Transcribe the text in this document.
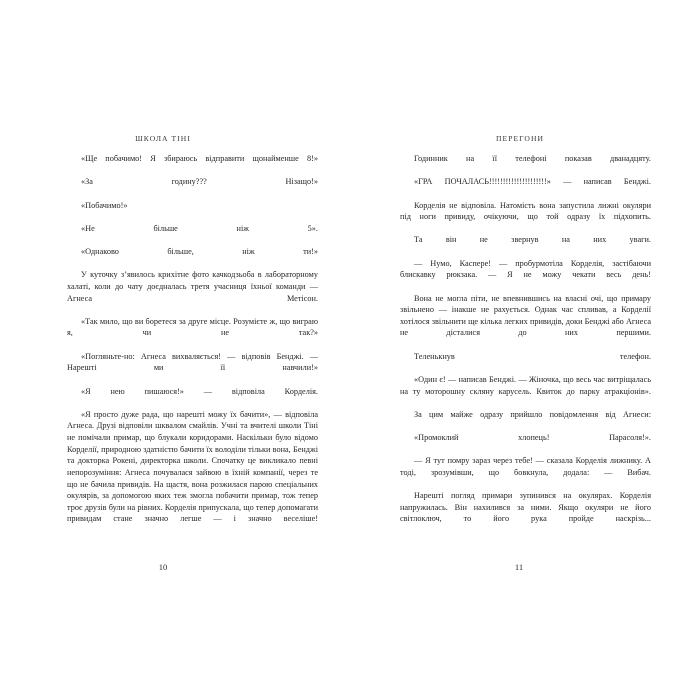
ШКОЛА ТІНІ

«Ще побачимо! Я збираюсь відправити щонайменше 8!»

«За годину??? Нізащо!»

«Побачимо!»

«Не більше ніж 5».

«Однаково більше, ніж ти!»

У куточку з’явилось крихітне фото качкодзьоба в лабораторному халаті, коли до чату доєдналась третя учасниця їхньої команди — Агнеса Метісон.

«Так мило, що ви боретеся за друге місце. Розумієте ж, що виграю я, чи не так?»

«Погляньте-но: Агнеса вихваляється! — відповів Бенджі. — Нарешті ми її навчили!»

«Я нею пишаюся!» — відповіла Корделія.

«Я просто дуже рада, що нарешті можу їх бачити», — відповіла Агнеса. Друзі відповіли шквалом смайлів. Учні та вчителі школи Тіні не помічали примар, що блукали коридорами. Наскільки було відомо Корделії, природною здатністю бачити їх володіли тільки вона, Бенджі та докторка Рокені, директорка школи. Спочатку це викликало певні непорозуміння: Агнеса почувалася зайвою в їхній компанії, через те що не бачила привидів. На щастя, вона розжилася парою спеціальних окулярів, за допомогою яких теж змогла побачити примар, тож тепер троє друзів були на рівних. Корделія припускала, що тепер допомагати привидам стане значно легше — і значно веселіше!

10
ПЕРЕГОНИ

Годинник на її телефоні показав дванадцяту.

«ГРА ПОЧАЛАСЬ!!!!!!!!!!!!!!!!!!!!!» — написав Бенджі.

Корделія не відповіла. Натомість вона запустила лижні окуляри під ноги привиду, очікуючи, що той одразу їх підхопить.

Та він не звернув на них уваги.

— Нумо, Каспере! — пробурмотіла Корделія, застібаючи блискавку рюкзака. — Я не можу чекати весь день!

Вона не могла піти, не впевнившись на власні очі, що примару звільнено — інакше не рахується. Однак час спливав, а Корделії хотілося звільнити ще кілька легких привидів, доки Бенджі або Агнеса не дісталися до них першими.

Теленькнув телефон.

«Один є! — написав Бенджі. — Жіночка, що весь час витріщалась на ту моторошну скляну карусель. Квиток до парку атракціонів».

За цим майже одразу прийшло повідомлення від Агнеси:

«Промоклий хлопець! Парасоля!».

— Я тут помру зараз через тебе! — сказала Корделія лижнику. А тоді, зрозумівши, що бовкнула, додала: — Вибач.

Нарешті погляд примари зупинився на окулярах. Корделія напружилась. Він нахилився за ними. Якщо окуляри не його світлоключ, то його рука пройде наскрізь...

11
